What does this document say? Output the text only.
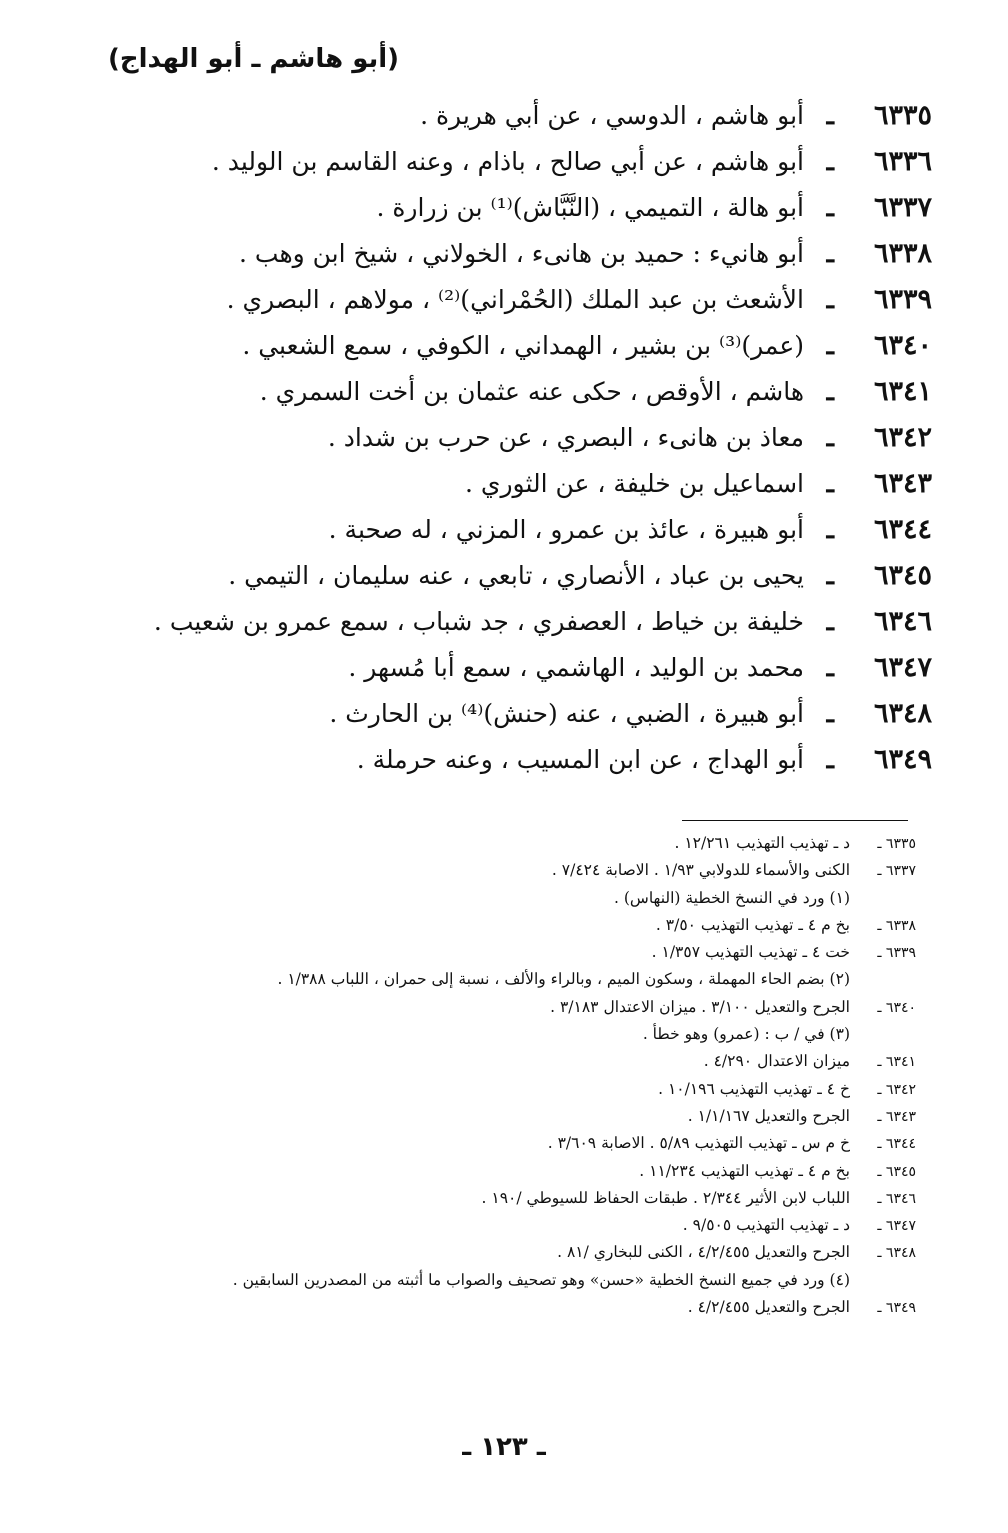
(أبو هاشم ـ أبو الهداج)
٦٣٣٥
ـ
أبو هاشم ، الدوسي ، عن أبي هريرة .
٦٣٣٦
ـ
أبو هاشم ، عن أبي صالح ، باذام ، وعنه القاسم بن الوليد .
٦٣٣٧
ـ
أبو هالة ، التميمي ، (النَّبَّاش)⁽¹⁾ بن زرارة .
٦٣٣٨
ـ
أبو هانيء : حميد بن هانىء ، الخولاني ، شيخ ابن وهب .
٦٣٣٩
ـ
الأشعث بن عبد الملك (الحُمْراني)⁽²⁾ ، مولاهم ، البصري .
٦٣٤٠
ـ
(عمر)⁽³⁾ بن بشير ، الهمداني ، الكوفي ، سمع الشعبي .
٦٣٤١
ـ
هاشم ، الأوقص ، حكى عنه عثمان بن أخت السمري .
٦٣٤٢
ـ
معاذ بن هانىء ، البصري ، عن حرب بن شداد .
٦٣٤٣
ـ
اسماعيل بن خليفة ، عن الثوري .
٦٣٤٤
ـ
أبو هبيرة ، عائذ بن عمرو ، المزني ، له صحبة .
٦٣٤٥
ـ
يحيى بن عباد ، الأنصاري ، تابعي ، عنه سليمان ، التيمي .
٦٣٤٦
ـ
خليفة بن خياط ، العصفري ، جد شباب ، سمع عمرو بن شعيب .
٦٣٤٧
ـ
محمد بن الوليد ، الهاشمي ، سمع أبا مُسهر .
٦٣٤٨
ـ
أبو هبيرة ، الضبي ، عنه (حنش)⁽⁴⁾ بن الحارث .
٦٣٤٩
ـ
أبو الهداج ، عن ابن المسيب ، وعنه حرملة .
٦٣٣٥ ـ
د ـ تهذيب التهذيب ١٢/٢٦١ .
٦٣٣٧ ـ
الكنى والأسماء للدولابي ١/٩٣ . الاصابة ٧/٤٢٤ .
(١) ورد في النسخ الخطية (النهاس) .
٦٣٣٨ ـ
بخ م ٤ ـ تهذيب التهذيب ٣/٥٠ .
٦٣٣٩ ـ
خت ٤ ـ تهذيب التهذيب ١/٣٥٧ .
(٢) بضم الحاء المهملة ، وسكون الميم ، وبالراء والألف ، نسبة إلى حمران ، اللباب ١/٣٨٨ .
٦٣٤٠ ـ
الجرح والتعديل ٣/١٠٠ . ميزان الاعتدال ٣/١٨٣ .
(٣) في / ب : (عمرو) وهو خطأ .
٦٣٤١ ـ
ميزان الاعتدال ٤/٢٩٠ .
٦٣٤٢ ـ
خ ٤ ـ تهذيب التهذيب ١٠/١٩٦ .
٦٣٤٣ ـ
الجرح والتعديل ١/١/١٦٧ .
٦٣٤٤ ـ
خ م س ـ تهذيب التهذيب ٥/٨٩ . الاصابة ٣/٦٠٩ .
٦٣٤٥ ـ
بخ م ٤ ـ تهذيب التهذيب ١١/٢٣٤ .
٦٣٤٦ ـ
اللباب لابن الأثير ٢/٣٤٤ . طبقات الحفاظ للسيوطي /١٩٠ .
٦٣٤٧ ـ
د ـ تهذيب التهذيب ٩/٥٠٥ .
٦٣٤٨ ـ
الجرح والتعديل ٤/٢/٤٥٥ ، الكنى للبخاري /٨١ .
(٤) ورد في جميع النسخ الخطية «حسن» وهو تصحيف والصواب ما أثبته من المصدرين السابقين .
٦٣٤٩ ـ
الجرح والتعديل ٤/٢/٤٥٥ .
ـ ١٢٣ ـ
